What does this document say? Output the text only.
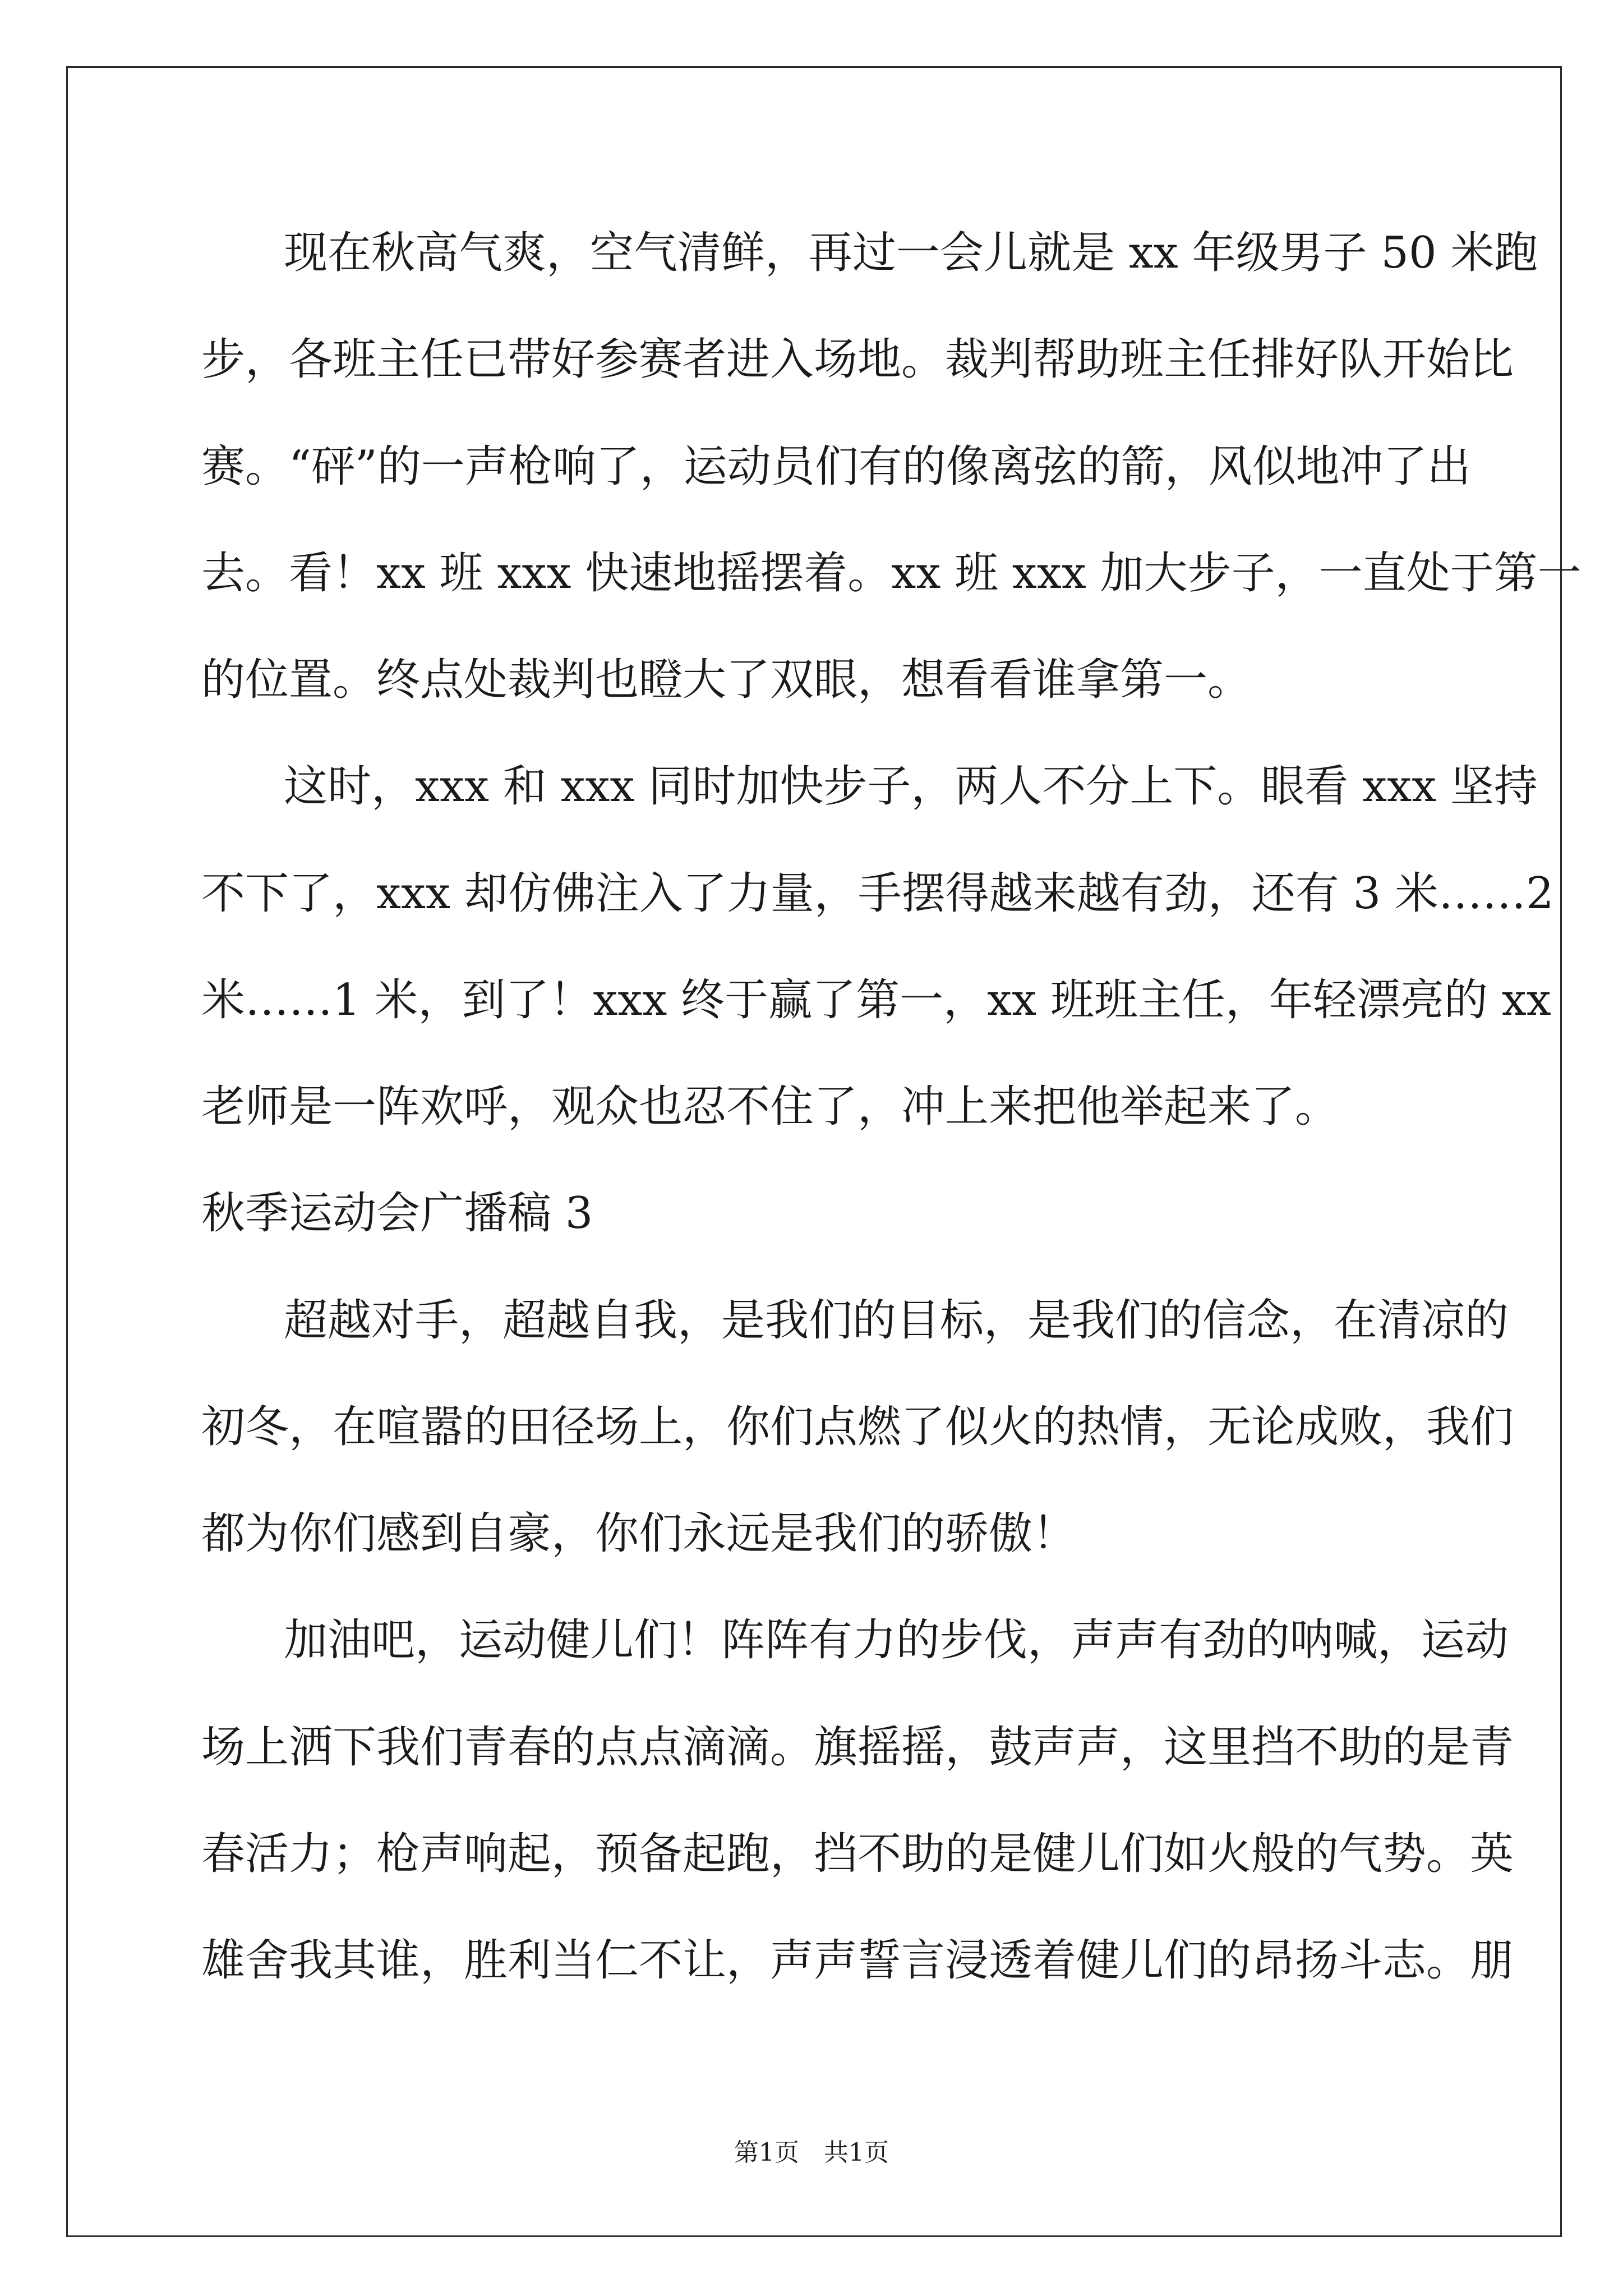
现在秋高气爽，空气清鲜，再过一会儿就是 xx 年级男子 50 米跑
步，各班主任已带好参赛者进入场地。裁判帮助班主任排好队开始比
赛。“砰”的一声枪响了，运动员们有的像离弦的箭，风似地冲了出
去。看！xx 班 xxx 快速地摇摆着。xx 班 xxx 加大步子，一直处于第一
的位置。终点处裁判也瞪大了双眼，想看看谁拿第一。
这时，xxx 和 xxx 同时加快步子，两人不分上下。眼看 xxx 坚持
不下了，xxx 却仿佛注入了力量，手摆得越来越有劲，还有 3 米……2
米……1 米，到了！xxx 终于赢了第一，xx 班班主任，年轻漂亮的 xx
老师是一阵欢呼，观众也忍不住了，冲上来把他举起来了。
秋季运动会广播稿 3
超越对手，超越自我，是我们的目标，是我们的信念，在清凉的
初冬，在喧嚣的田径场上，你们点燃了似火的热情，无论成败，我们
都为你们感到自豪，你们永远是我们的骄傲！
加油吧，运动健儿们！阵阵有力的步伐，声声有劲的呐喊，运动
场上洒下我们青春的点点滴滴。旗摇摇，鼓声声，这里挡不助的是青
春活力；枪声响起，预备起跑，挡不助的是健儿们如火般的气势。英
雄舍我其谁，胜利当仁不让，声声誓言浸透着健儿们的昂扬斗志。朋
第1页　共1页
